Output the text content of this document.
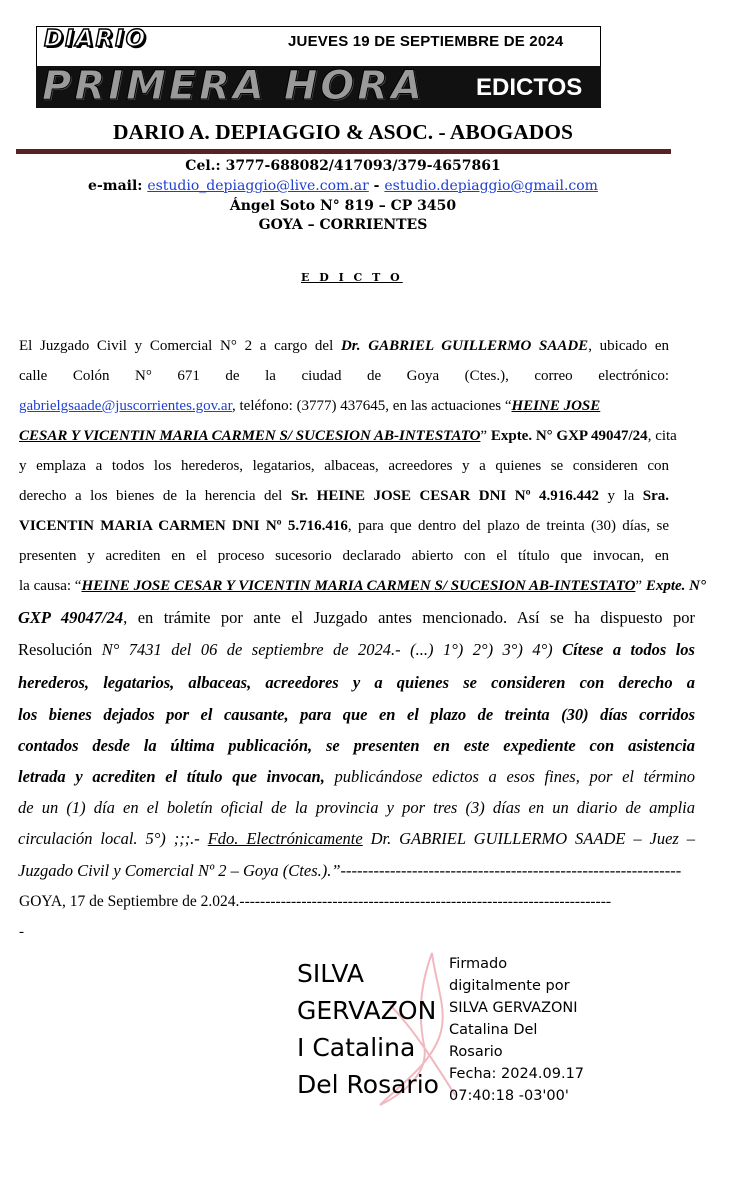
DIARIO	JUEVES 19 DE SEPTIEMBRE DE 2024
PRIMERA HORA EDICTOS
DARIO A. DEPIAGGIO & ASOC. - ABOGADOS
Cel.: 3777-688082/417093/379-4657861
e-mail: estudio_depiaggio@live.com.ar - estudio.depiaggio@gmail.com
Ángel Soto N° 819 – CP 3450
GOYA – CORRIENTES
E D I C T O
El Juzgado Civil y Comercial N° 2 a cargo del Dr. GABRIEL GUILLERMO SAADE, ubicado en
calle Colón N° 671 de la ciudad de Goya (Ctes.), correo electrónico:
gabrielgsaade@juscorrientes.gov.ar, teléfono: (3777) 437645, en las actuaciones “HEINE JOSE
CESAR Y VICENTIN MARIA CARMEN S/ SUCESION AB-INTESTATO” Expte. N° GXP 49047/24, cita
y emplaza a todos los herederos, legatarios, albaceas, acreedores y a quienes se consideren con
derecho a los bienes de la herencia del Sr. HEINE JOSE CESAR DNI Nº 4.916.442 y la Sra.
VICENTIN MARIA CARMEN DNI Nº 5.716.416, para que dentro del plazo de treinta (30) días, se
presenten y acrediten en el proceso sucesorio declarado abierto con el título que invocan, en
la causa: “HEINE JOSE CESAR Y VICENTIN MARIA CARMEN S/ SUCESION AB-INTESTATO” Expte. N°
GXP 49047/24, en trámite por ante el Juzgado antes mencionado. Así se ha dispuesto por
Resolución N° 7431 del 06 de septiembre de 2024.- (...) 1°) 2°) 3°) 4°) Cítese a todos los
herederos, legatarios, albaceas, acreedores y a quienes se consideren con derecho a
los bienes dejados por el causante, para que en el plazo de treinta (30) días corridos
contados desde la última publicación, se presenten en este expediente con asistencia
letrada y acrediten el título que invocan, publicándose edictos a esos fines, por el término
de un (1) día en el boletín oficial de la provincia y por tres (3) días en un diario de amplia
circulación local. 5°) ;;;.- Fdo. Electrónicamente Dr. GABRIEL GUILLERMO SAADE – Juez –
Juzgado Civil y Comercial Nº 2 – Goya (Ctes.).”--------------------------------------------------------------
GOYA, 17 de Septiembre de 2.024.------------------------------------------------------------------------
-
SILVA
GERVAZON
I Catalina
Del Rosario
Firmado
digitalmente por
SILVA GERVAZONI
Catalina Del
Rosario
Fecha: 2024.09.17
07:40:18 -03'00'
